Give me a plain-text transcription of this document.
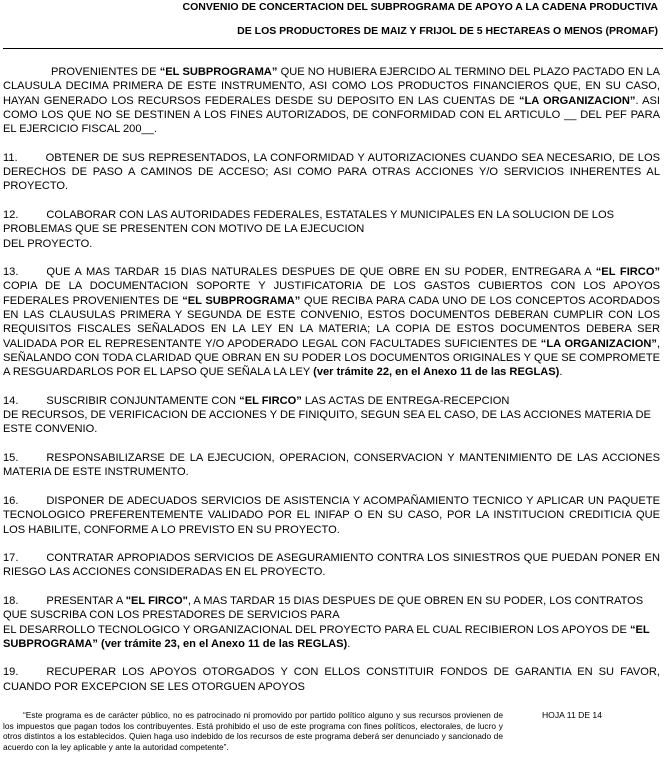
CONVENIO DE CONCERTACION DEL SUBPROGRAMA DE APOYO A LA CADENA PRODUCTIVA
DE LOS PRODUCTORES DE MAIZ Y FRIJOL DE 5 HECTAREAS O MENOS (PROMAF)

PROVENIENTES DE “EL SUBPROGRAMA” QUE NO HUBIERA EJERCIDO AL TERMINO DEL PLAZO PACTADO EN LA CLAUSULA DECIMA PRIMERA DE ESTE INSTRUMENTO, ASI COMO LOS PRODUCTOS FINANCIEROS QUE, EN SU CASO, HAYAN GENERADO LOS RECURSOS FEDERALES DESDE SU DEPOSITO EN LAS CUENTAS DE “LA ORGANIZACION”. ASI COMO LOS QUE NO SE DESTINEN A LOS FINES AUTORIZADOS, DE CONFORMIDAD CON EL ARTICULO __ DEL PEF PARA EL EJERCICIO FISCAL 200__.

11.	OBTENER DE SUS REPRESENTADOS, LA CONFORMIDAD Y AUTORIZACIONES CUANDO SEA NECESARIO, DE LOS DERECHOS DE PASO A CAMINOS DE ACCESO; ASI COMO PARA OTRAS ACCIONES Y/O SERVICIOS INHERENTES AL PROYECTO.

12.	COLABORAR CON LAS AUTORIDADES FEDERALES, ESTATALES Y MUNICIPALES EN LA SOLUCION DE LOS PROBLEMAS QUE SE PRESENTEN CON MOTIVO DE LA EJECUCION
DEL PROYECTO.

13.	QUE A MAS TARDAR 15 DIAS NATURALES DESPUES DE QUE OBRE EN SU PODER, ENTREGARA A “EL FIRCO” COPIA DE LA DOCUMENTACION SOPORTE Y JUSTIFICATORIA DE LOS GASTOS CUBIERTOS CON LOS APOYOS FEDERALES PROVENIENTES DE “EL SUBPROGRAMA” QUE RECIBA PARA CADA UNO DE LOS CONCEPTOS ACORDADOS EN LAS CLAUSULAS PRIMERA Y SEGUNDA DE ESTE CONVENIO, ESTOS DOCUMENTOS DEBERAN CUMPLIR CON LOS REQUISITOS FISCALES SEÑALADOS EN LA LEY EN LA MATERIA; LA COPIA DE ESTOS DOCUMENTOS DEBERA SER VALIDADA POR EL REPRESENTANTE Y/O APODERADO LEGAL CON FACULTADES SUFICIENTES DE “LA ORGANIZACION”, SEÑALANDO CON TODA CLARIDAD QUE OBRAN EN SU PODER LOS DOCUMENTOS ORIGINALES Y QUE SE COMPROMETE A RESGUARDARLOS POR EL LAPSO QUE SEÑALA LA LEY (ver trámite 22, en el Anexo 11 de las REGLAS).

14.	SUSCRIBIR CONJUNTAMENTE CON “EL FIRCO” LAS ACTAS DE ENTREGA-RECEPCION
DE RECURSOS, DE VERIFICACION DE ACCIONES Y DE FINIQUITO, SEGUN SEA EL CASO, DE LAS ACCIONES MATERIA DE ESTE CONVENIO.

15.	RESPONSABILIZARSE DE LA EJECUCION, OPERACION, CONSERVACION Y MANTENIMIENTO DE LAS ACCIONES MATERIA DE ESTE INSTRUMENTO.

16.	DISPONER DE ADECUADOS SERVICIOS DE ASISTENCIA Y ACOMPAÑAMIENTO TECNICO Y APLICAR UN PAQUETE TECNOLOGICO PREFERENTEMENTE VALIDADO POR EL INIFAP O EN SU CASO, POR LA INSTITUCION CREDITICIA QUE LOS HABILITE, CONFORME A LO PREVISTO EN SU PROYECTO.

17.	CONTRATAR APROPIADOS SERVICIOS DE ASEGURAMIENTO CONTRA LOS SINIESTROS QUE PUEDAN PONER EN RIESGO LAS ACCIONES CONSIDERADAS EN EL PROYECTO.

18.	PRESENTAR A "EL FIRCO", A MAS TARDAR 15 DIAS DESPUES DE QUE OBREN EN SU PODER, LOS CONTRATOS QUE SUSCRIBA CON LOS PRESTADORES DE SERVICIOS PARA
EL DESARROLLO TECNOLOGICO Y ORGANIZACIONAL DEL PROYECTO PARA EL CUAL RECIBIERON LOS APOYOS DE “EL SUBPROGRAMA” (ver trámite 23, en el Anexo 11 de las REGLAS).

19.	RECUPERAR LOS APOYOS OTORGADOS Y CON ELLOS CONSTITUIR FONDOS DE GARANTIA EN SU FAVOR, CUANDO POR EXCEPCION SE LES OTORGUEN APOYOS

“Este programa es de carácter público, no es patrocinado ni promovido por partido político alguno y sus recursos provienen de los impuestos que pagan todos los contribuyentes. Está prohibido el uso de este programa con fines políticos, electorales, de lucro y otros distintos a los establecidos. Quien haga uso indebido de los recursos de este programa deberá ser denunciado y sancionado de acuerdo con la ley aplicable y ante la autoridad competente”.
HOJA 11 DE 14
